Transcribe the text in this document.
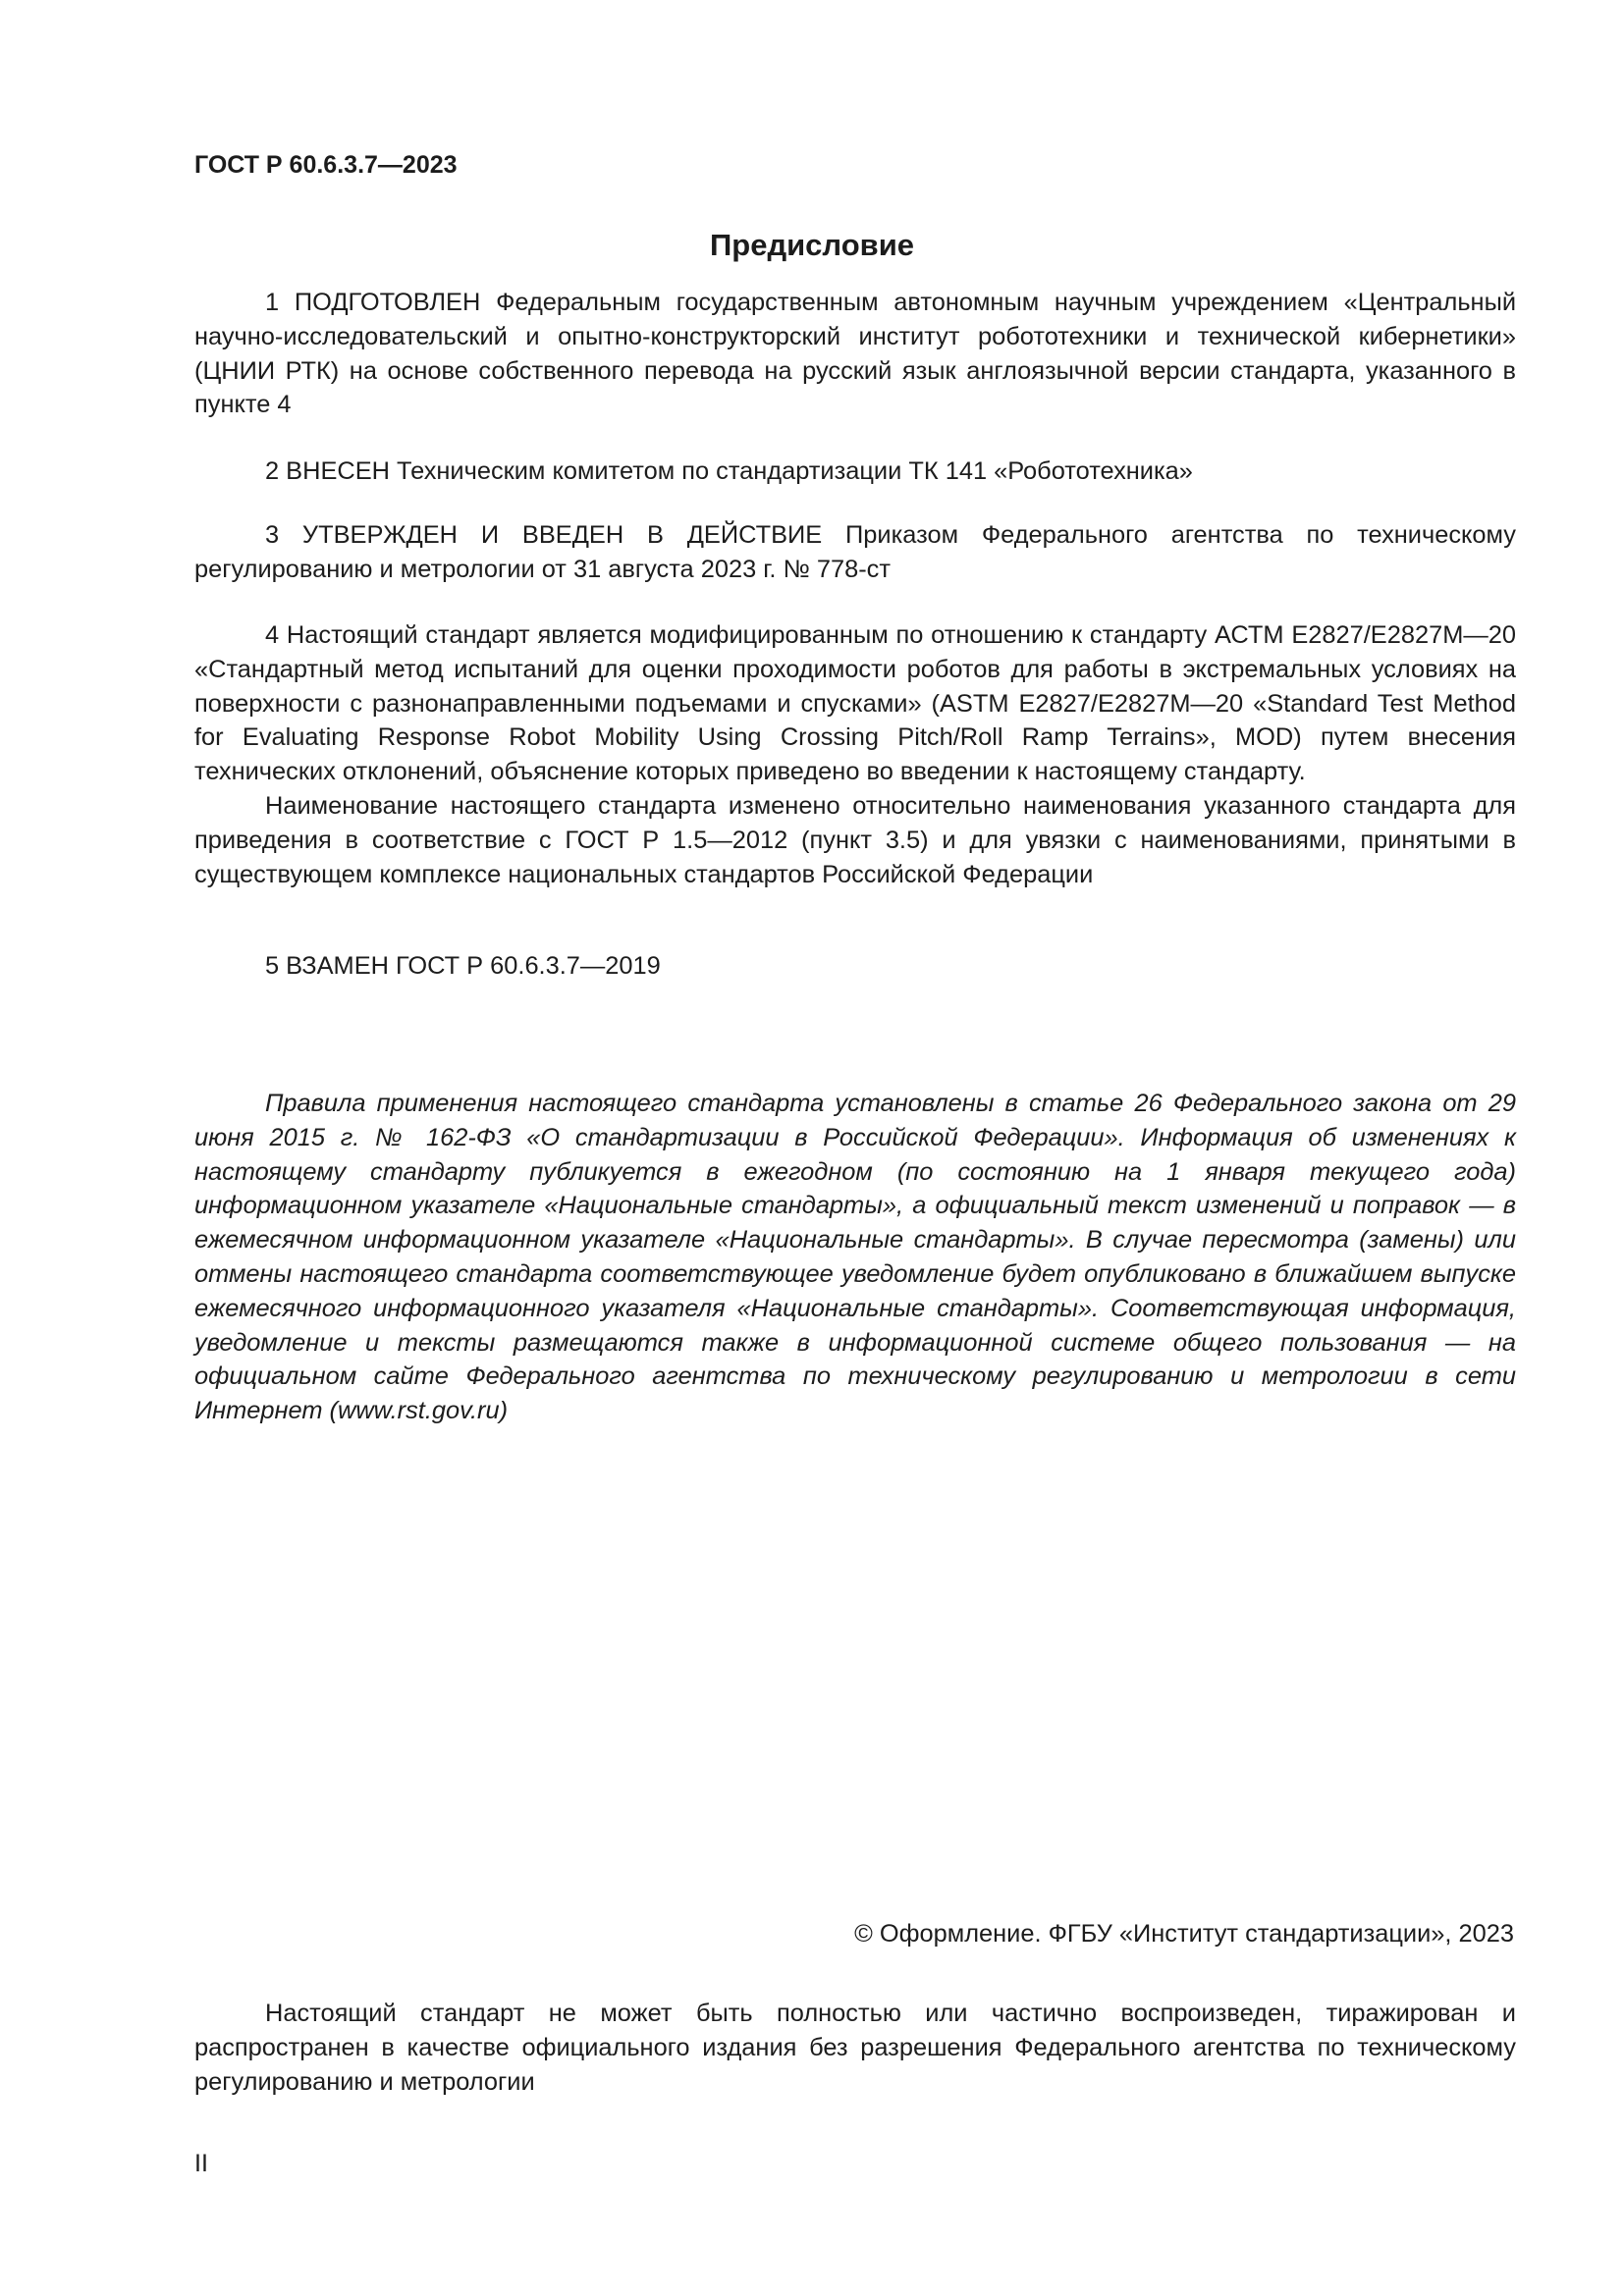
ГОСТ Р 60.6.3.7—2023
Предисловие

1 ПОДГОТОВЛЕН Федеральным государственным автономным научным учреждением «Центральный научно-исследовательский и опытно-конструкторский институт робототехники и технической кибернетики» (ЦНИИ РТК) на основе собственного перевода на русский язык англоязычной версии стандарта, указанного в пункте 4

2 ВНЕСЕН Техническим комитетом по стандартизации ТК 141 «Робототехника»

3 УТВЕРЖДЕН И ВВЕДЕН В ДЕЙСТВИЕ Приказом Федерального агентства по техническому регулированию и метрологии от 31 августа 2023 г. № 778-ст

4 Настоящий стандарт является модифицированным по отношению к стандарту АСТМ Е2827/Е2827М—20 «Стандартный метод испытаний для оценки проходимости роботов для работы в экстремальных условиях на поверхности с разнонаправленными подъемами и спусками» (ASTM E2827/E2827M—20 «Standard Test Method for Evaluating Response Robot Mobility Using Crossing Pitch/Roll Ramp Terrains», MOD) путем внесения технических отклонений, объяснение которых приведено во введении к настоящему стандарту.

Наименование настоящего стандарта изменено относительно наименования указанного стандарта для приведения в соответствие с ГОСТ Р 1.5—2012 (пункт 3.5) и для увязки с наименованиями, принятыми в существующем комплексе национальных стандартов Российской Федерации

5 ВЗАМЕН ГОСТ Р 60.6.3.7—2019

Правила применения настоящего стандарта установлены в статье 26 Федерального закона от 29 июня 2015 г. № 162-ФЗ «О стандартизации в Российской Федерации». Информация об изменениях к настоящему стандарту публикуется в ежегодном (по состоянию на 1 января текущего года) информационном указателе «Национальные стандарты», а официальный текст изменений и поправок — в ежемесячном информационном указателе «Национальные стандарты». В случае пересмотра (замены) или отмены настоящего стандарта соответствующее уведомление будет опубликовано в ближайшем выпуске ежемесячного информационного указателя «Национальные стандарты». Соответствующая информация, уведомление и тексты размещаются также в информационной системе общего пользования — на официальном сайте Федерального агентства по техническому регулированию и метрологии в сети Интернет (www.rst.gov.ru)

© Оформление. ФГБУ «Институт стандартизации», 2023

Настоящий стандарт не может быть полностью или частично воспроизведен, тиражирован и распространен в качестве официального издания без разрешения Федерального агентства по техническому регулированию и метрологии

II
